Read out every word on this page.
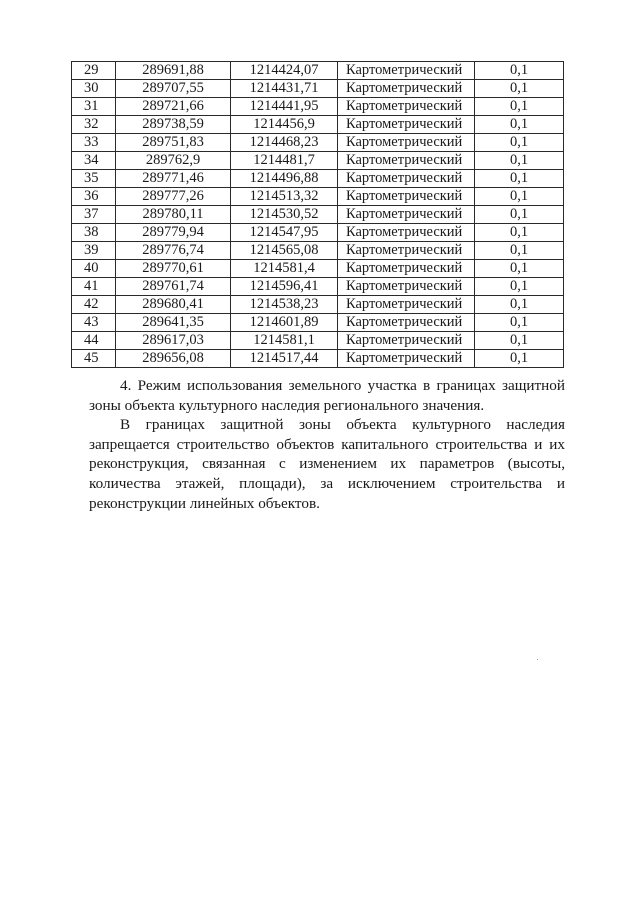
29	289691,88	1214424,07	Картометрический	0,1
30	289707,55	1214431,71	Картометрический	0,1
31	289721,66	1214441,95	Картометрический	0,1
32	289738,59	1214456,9	Картометрический	0,1
33	289751,83	1214468,23	Картометрический	0,1
34	289762,9	1214481,7	Картометрический	0,1
35	289771,46	1214496,88	Картометрический	0,1
36	289777,26	1214513,32	Картометрический	0,1
37	289780,11	1214530,52	Картометрический	0,1
38	289779,94	1214547,95	Картометрический	0,1
39	289776,74	1214565,08	Картометрический	0,1
40	289770,61	1214581,4	Картометрический	0,1
41	289761,74	1214596,41	Картометрический	0,1
42	289680,41	1214538,23	Картометрический	0,1
43	289641,35	1214601,89	Картометрический	0,1
44	289617,03	1214581,1	Картометрический	0,1
45	289656,08	1214517,44	Картометрический	0,1

4. Режим использования земельного участка в границах защитной зоны объекта культурного наследия регионального значения.

В границах защитной зоны объекта культурного наследия запрещается строительство объектов капитального строительства и их реконструкция, связанная с изменением их параметров (высоты, количества этажей, площади), за исключением строительства и реконструкции линейных объектов.
